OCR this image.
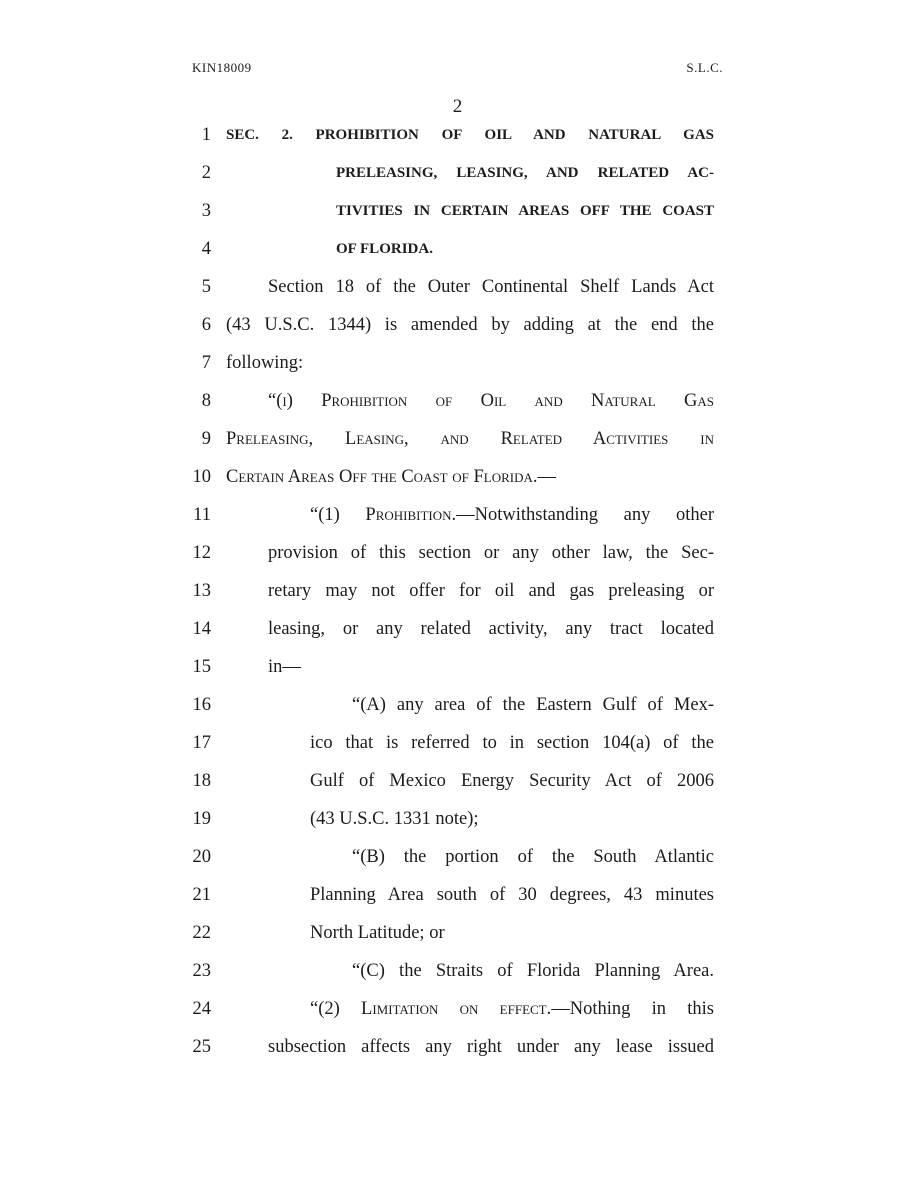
KIN18009	S.L.C.
2
1 SEC. 2. PROHIBITION OF OIL AND NATURAL GAS
2	PRELEASING, LEASING, AND RELATED AC-
3	TIVITIES IN CERTAIN AREAS OFF THE COAST
4	OF FLORIDA.
5	Section 18 of the Outer Continental Shelf Lands Act
6 (43 U.S.C. 1344) is amended by adding at the end the
7 following:
8	“(i) Prohibition of Oil and Natural Gas
9 Preleasing, Leasing, and Related Activities in
10 Certain Areas Off the Coast of Florida.—
11	“(1) Prohibition.—Notwithstanding any other
12	provision of this section or any other law, the Sec-
13	retary may not offer for oil and gas preleasing or
14	leasing, or any related activity, any tract located
15	in—
16	“(A) any area of the Eastern Gulf of Mex-
17	ico that is referred to in section 104(a) of the
18	Gulf of Mexico Energy Security Act of 2006
19	(43 U.S.C. 1331 note);
20	“(B) the portion of the South Atlantic
21	Planning Area south of 30 degrees, 43 minutes
22	North Latitude; or
23	“(C) the Straits of Florida Planning Area.
24	“(2) Limitation on effect.—Nothing in this
25	subsection affects any right under any lease issued
